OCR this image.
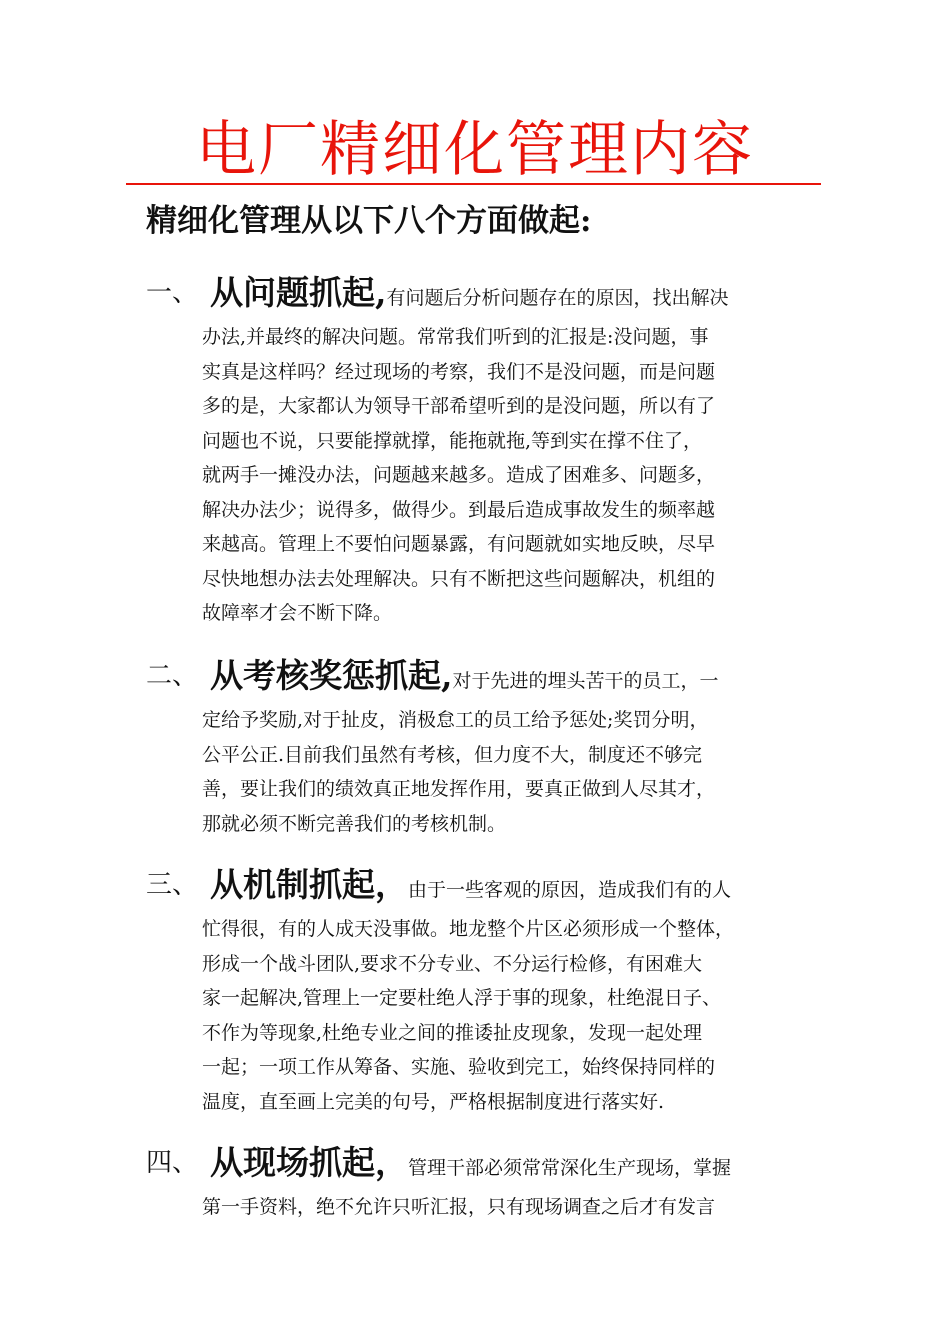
电厂精细化管理内容
精细化管理从以下八个方面做起:
一、 从问题抓起,有问题后分析问题存在的原因，找出解决
办法,并最终的解决问题。常常我们听到的汇报是:没问题，事
实真是这样吗？经过现场的考察，我们不是没问题，而是问题
多的是，大家都认为领导干部希望听到的是没问题，所以有了
问题也不说，只要能撑就撑，能拖就拖,等到实在撑不住了，
就两手一摊没办法，问题越来越多。造成了困难多、问题多，
解决办法少；说得多，做得少。到最后造成事故发生的频率越
来越高。管理上不要怕问题暴露，有问题就如实地反映，尽早
尽快地想办法去处理解决。只有不断把这些问题解决，机组的
故障率才会不断下降。
二、 从考核奖惩抓起,对于先进的埋头苦干的员工，一
定给予奖励,对于扯皮，消极怠工的员工给予惩处;奖罚分明，
公平公正.目前我们虽然有考核，但力度不大，制度还不够完
善，要让我们的绩效真正地发挥作用，要真正做到人尽其才，
那就必须不断完善我们的考核机制。
三、 从机制抓起，由于一些客观的原因，造成我们有的人
忙得很，有的人成天没事做。地龙整个片区必须形成一个整体，
形成一个战斗团队,要求不分专业、不分运行检修，有困难大
家一起解决,管理上一定要杜绝人浮于事的现象，杜绝混日子、
不作为等现象,杜绝专业之间的推诿扯皮现象，发现一起处理
一起；一项工作从筹备、实施、验收到完工，始终保持同样的
温度，直至画上完美的句号，严格根据制度进行落实好.
四、 从现场抓起，管理干部必须常常深化生产现场，掌握
第一手资料，绝不允许只听汇报，只有现场调查之后才有发言
